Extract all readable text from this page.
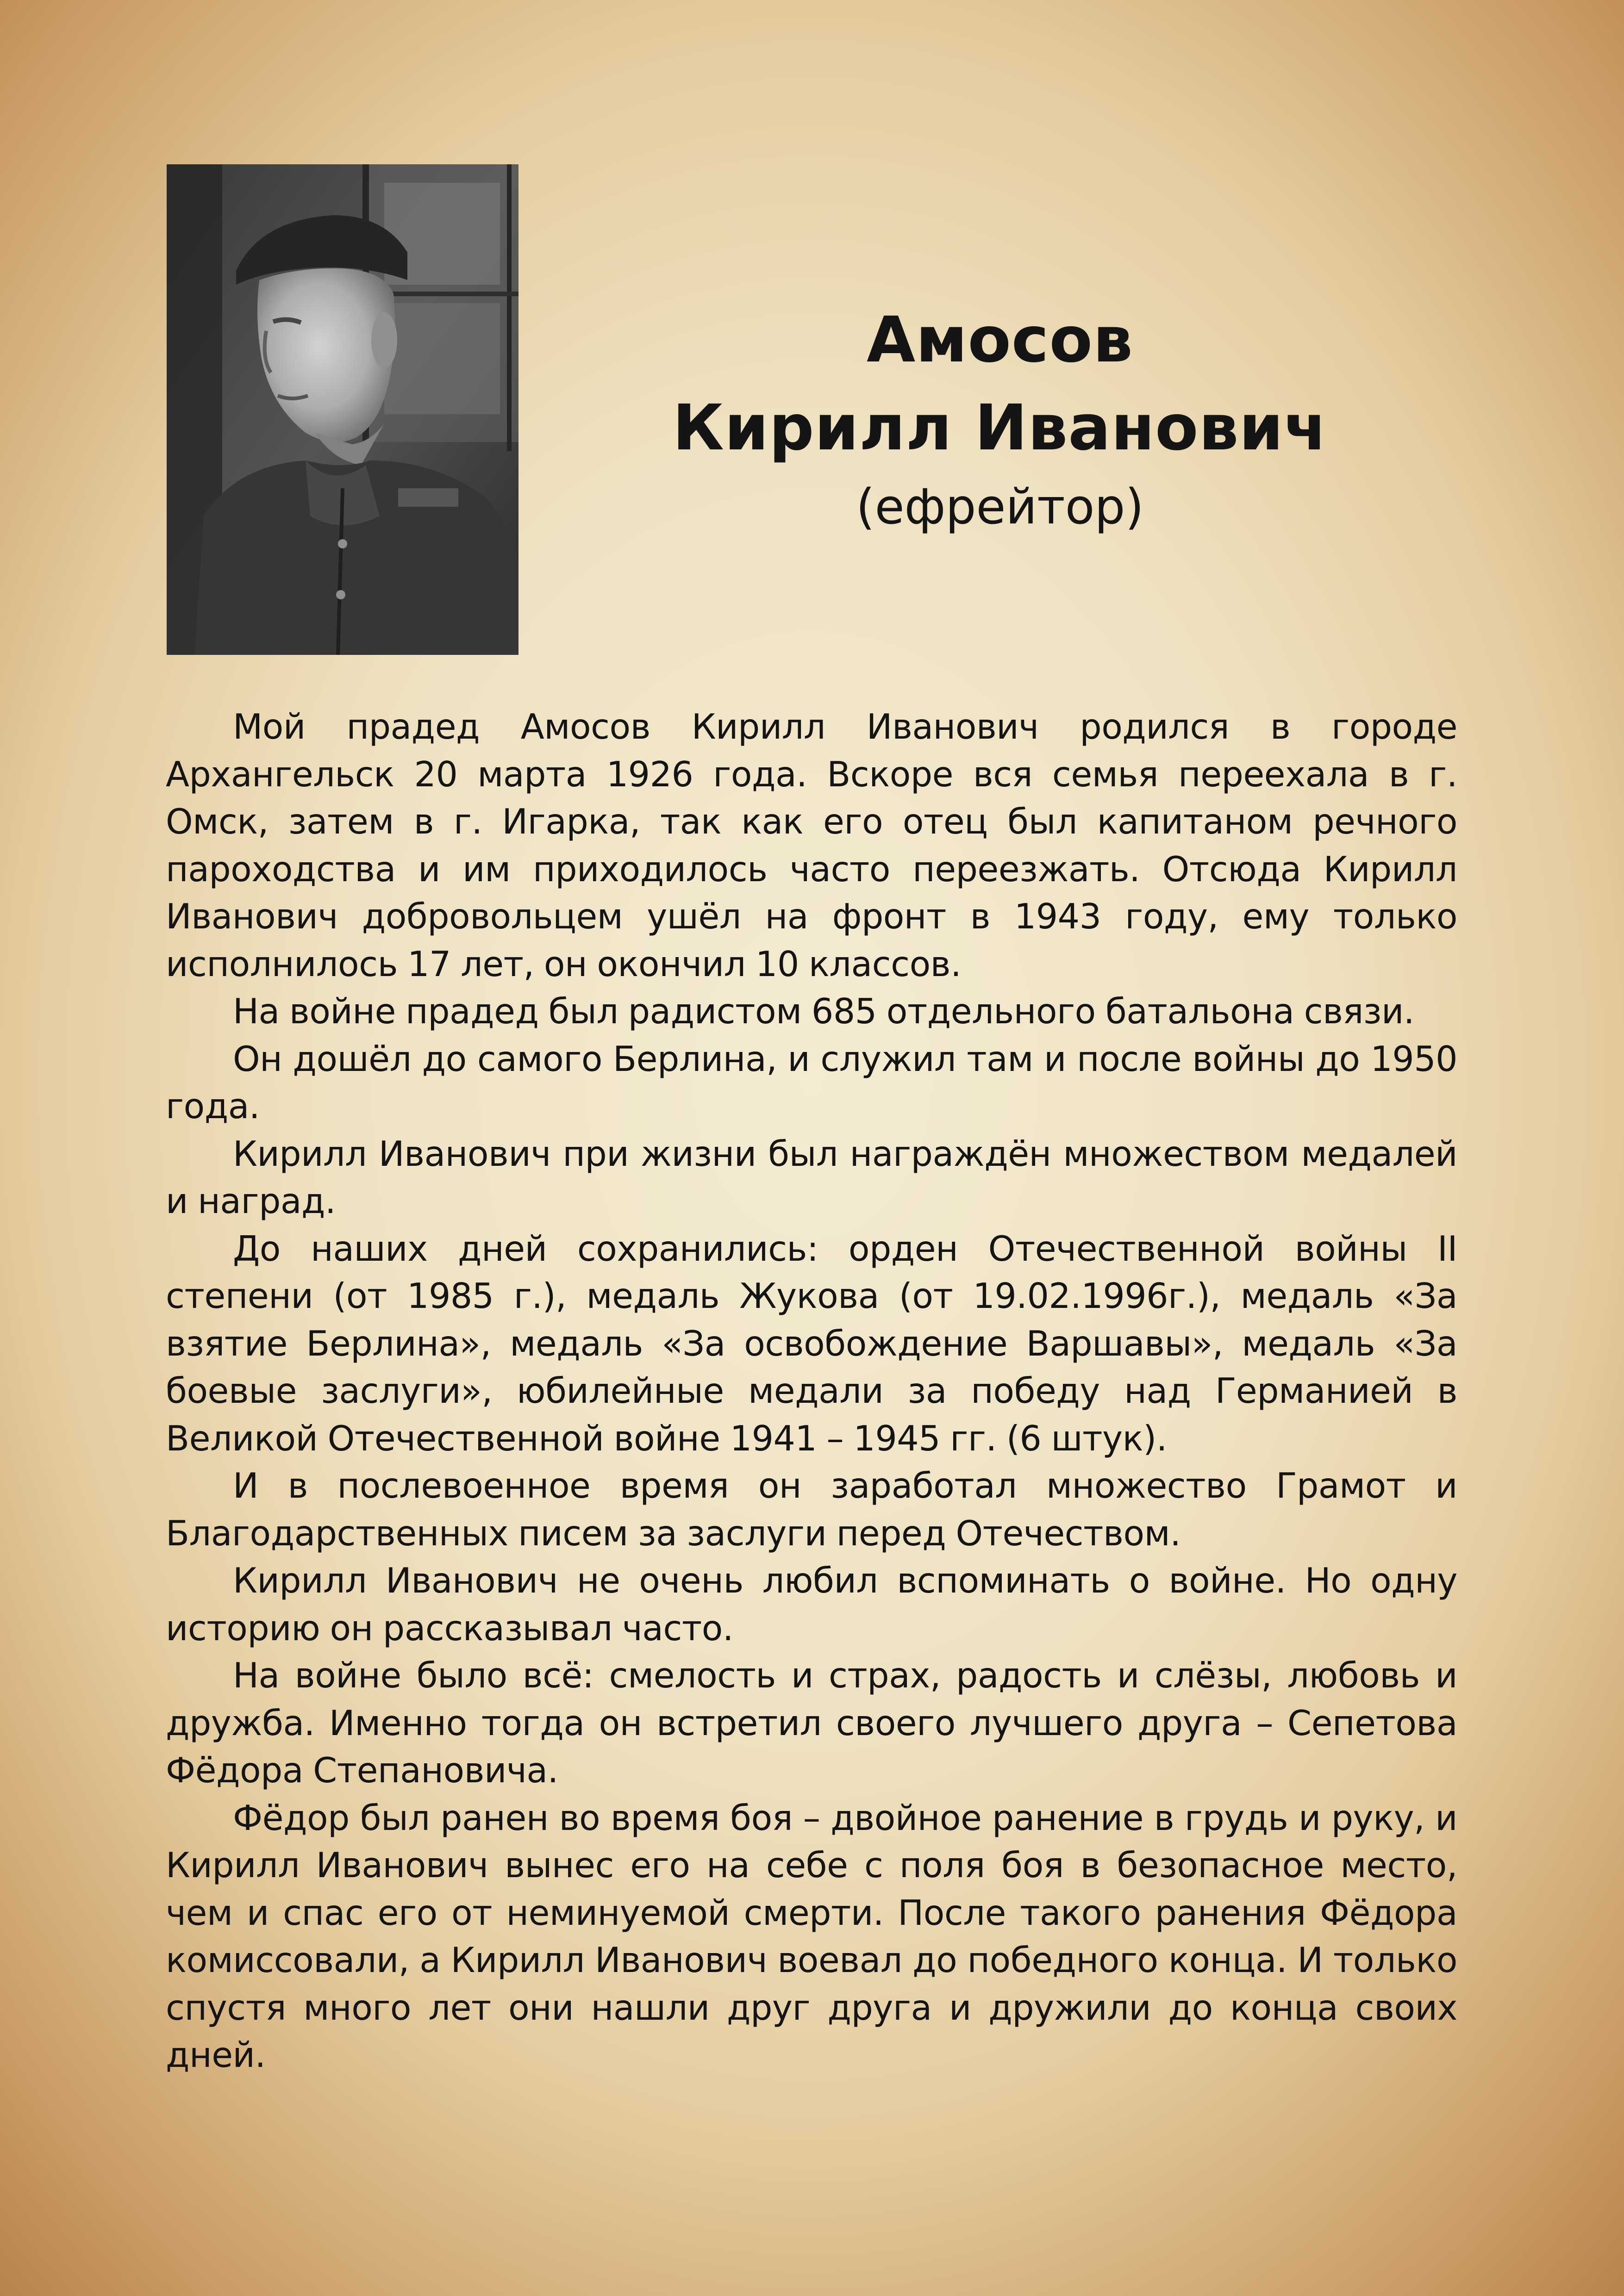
Амосов
Кирилл Иванович
(ефрейтор)

Мой прадед Амосов Кирилл Иванович родился в городе Архангельск 20 марта 1926 года. Вскоре вся семья переехала в г. Омск, затем в г. Игарка, так как его отец был капитаном речного пароходства и им приходилось часто переезжать. Отсюда Кирилл Иванович добровольцем ушёл на фронт в 1943 году, ему только исполнилось 17 лет, он окончил 10 классов.

На войне прадед был радистом 685 отдельного батальона связи.

Он дошёл до самого Берлина, и служил там и после войны до 1950 года.

Кирилл Иванович при жизни был награждён множеством медалей и наград.

До наших дней сохранились: орден Отечественной войны II степени (от 1985 г.), медаль Жукова (от 19.02.1996г.), медаль «За взятие Берлина», медаль «За освобождение Варшавы», медаль «За боевые заслуги», юбилейные медали за победу над Германией в Великой Отечественной войне 1941 – 1945 гг. (6 штук).

И в послевоенное время он заработал множество Грамот и Благодарственных писем за заслуги перед Отечеством.

Кирилл Иванович не очень любил вспоминать о войне. Но одну историю он рассказывал часто.

На войне было всё: смелость и страх, радость и слёзы, любовь и дружба. Именно тогда он встретил своего лучшего друга – Сепетова Фёдора Степановича.

Фёдор был ранен во время боя – двойное ранение в грудь и руку, и Кирилл Иванович вынес его на себе с поля боя в безопасное место, чем и спас его от неминуемой смерти. После такого ранения Фёдора комиссовали, а Кирилл Иванович воевал до победного конца. И только спустя много лет они нашли друг друга и дружили до конца своих дней.
